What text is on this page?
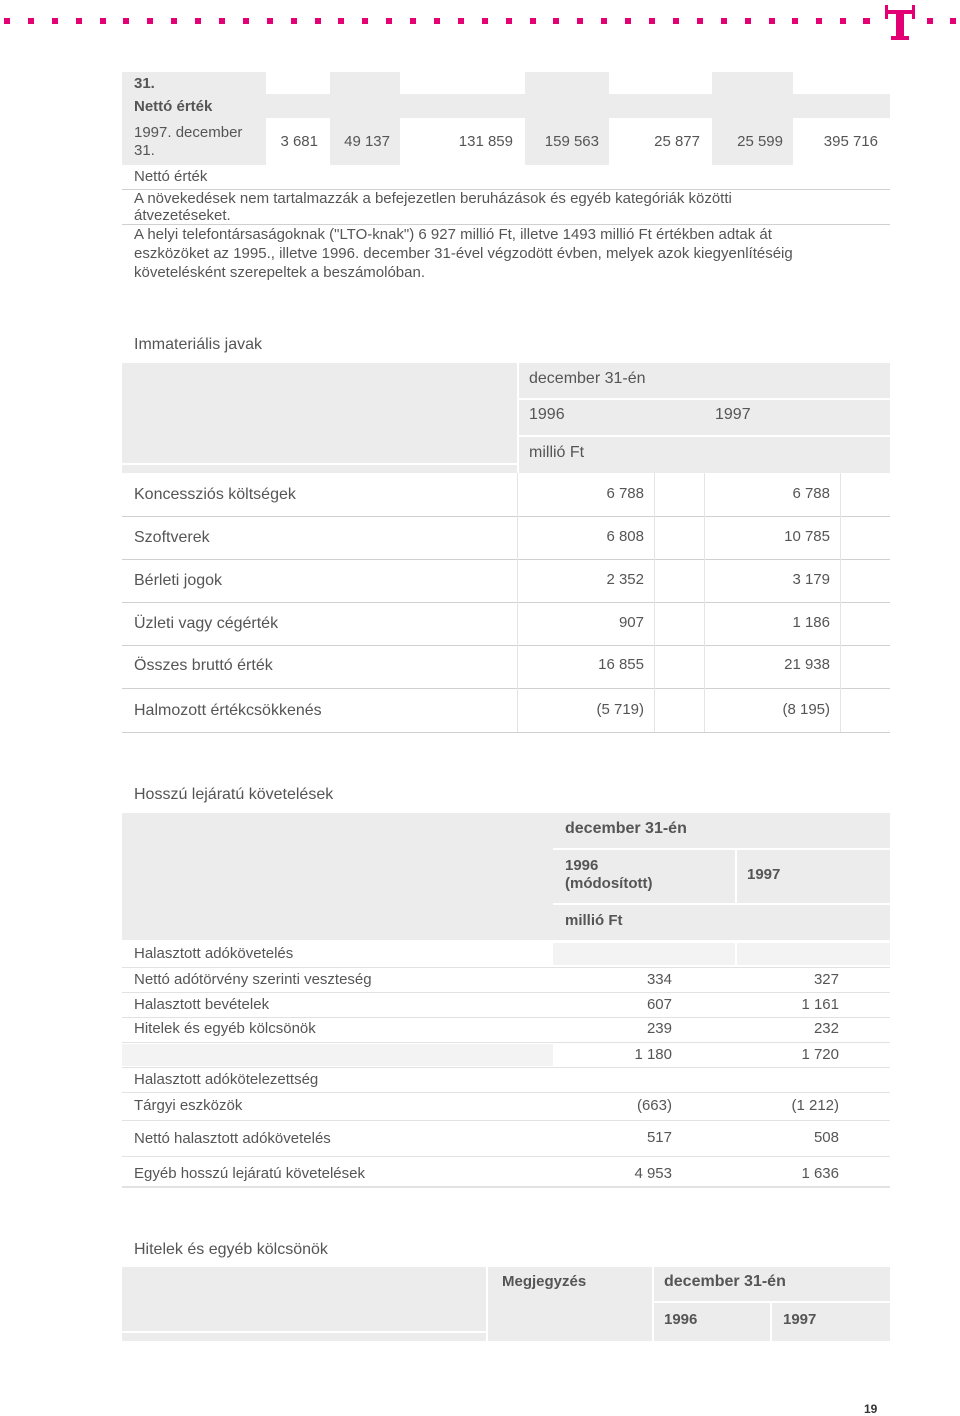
31.
Nettó érték
1997. december
31.
3 681	49 137	131 859	159 563	25 877	25 599	395 716
Nettó érték
A növekedések nem tartalmazzák a befejezetlen beruházások és egyéb kategóriák közötti
átvezetéseket.
A helyi telefontársaságoknak ("LTO-knak") 6 927 millió Ft, illetve 1493 millió Ft értékben adtak át
eszközöket az 1995., illetve 1996. december 31-ével végzodött évben, melyek azok kiegyenlítéséig
követelésként szerepeltek a beszámolóban.
Immateriális javak
december 31-én
1996	1997
millió Ft
Koncessziós költségek	6 788	6 788
Szoftverek	6 808	10 785
Bérleti jogok	2 352	3 179
Üzleti vagy cégérték	907	1 186
Összes bruttó érték	16 855	21 938
Halmozott értékcsökkenés	(5 719)	(8 195)
Hosszú lejáratú követelések
december 31-én
1996
(módosított)
1997
millió Ft
Halasztott adókövetelés
Nettó adótörvény szerinti veszteség	334	327
Halasztott bevételek	607	1 161
Hitelek és egyéb kölcsönök	239	232
1 180	1 720
Halasztott adókötelezettség
Tárgyi eszközök	(663)	(1 212)
Nettó halasztott adókövetelés	517	508
Egyéb hosszú lejáratú követelések	4 953	1 636
Hitelek és egyéb kölcsönök
Megjegyzés	december 31-én
1996	1997
19
